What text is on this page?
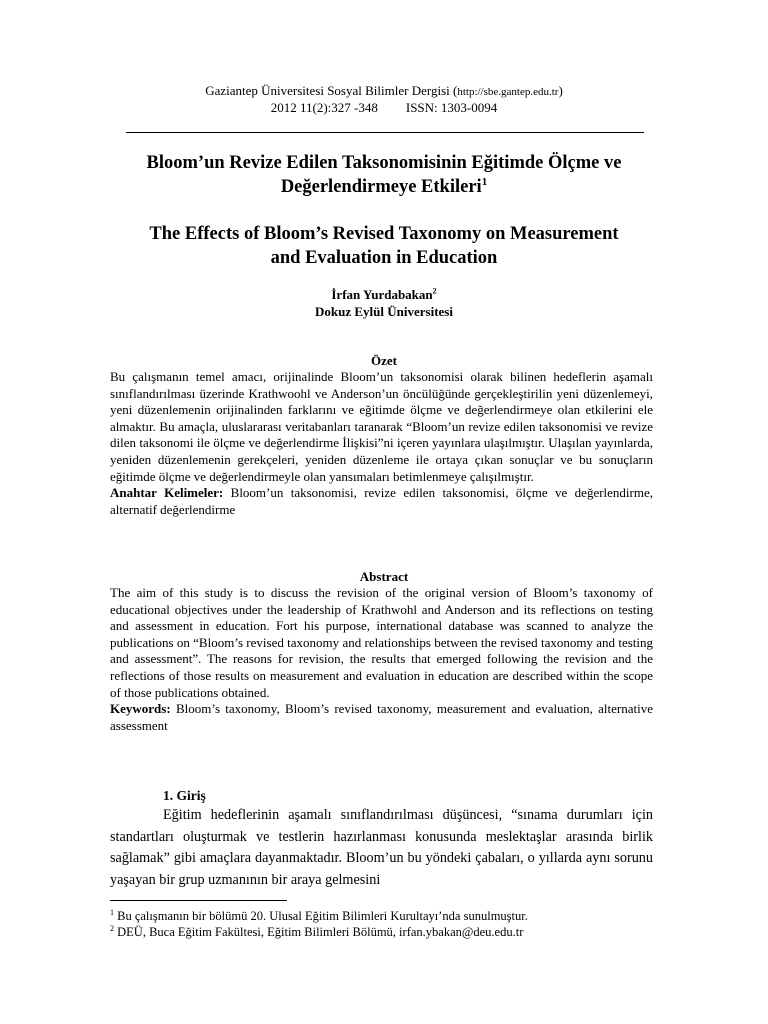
Gaziantep Üniversitesi Sosyal Bilimler Dergisi (http://sbe.gantep.edu.tr)
2012 11(2):327 -348 ISSN: 1303-0094
Bloom’un Revize Edilen Taksonomisinin Eğitimde Ölçme ve
Değerlendirmeye Etkileri$^1$
The Effects of Bloom’s Revised Taxonomy on Measurement
and Evaluation in Education
İrfan Yurdabakan$^2$
Dokuz Eylül Üniversitesi
Özet
Bu çalışmanın temel amacı, orijinalinde Bloom’un taksonomisi olarak bilinen hedeflerin aşamalı sınıflandırılması üzerinde Krathwoohl ve Anderson’un öncülüğünde gerçekleştirilin yeni düzenlemeyi, yeni düzenlemenin orijinalinden farklarını ve eğitimde ölçme ve değerlendirmeye olan etkilerini ele almaktır. Bu amaçla, uluslararası veritabanları taranarak “Bloom’un revize edilen taksonomisi ve revize dilen taksonomi ile ölçme ve değerlendirme İlişkisi”ni içeren yayınlara ulaşılmıştır. Ulaşılan yayınlarda, yeniden düzenlemenin gerekçeleri, yeniden düzenleme ile ortaya çıkan sonuçlar ve bu sonuçların eğitimde ölçme ve değerlendirmeyle olan yansımaları betimlenmeye çalışılmıştır.
Anahtar Kelimeler: Bloom’un taksonomisi, revize edilen taksonomisi, ölçme ve değerlendirme, alternatif değerlendirme
Abstract
The aim of this study is to discuss the revision of the original version of Bloom’s taxonomy of educational objectives under the leadership of Krathwohl and Anderson and its reflections on testing and assessment in education. Fort his purpose, international database was scanned to analyze the publications on “Bloom’s revised taxonomy and relationships between the revised taxonomy and testing and assessment”. The reasons for revision, the results that emerged following the revision and the reflections of those results on measurement and evaluation in education are described within the scope of those publications obtained.
Keywords: Bloom’s taxonomy, Bloom’s revised taxonomy, measurement and evaluation, alternative assessment
1. Giriş
Eğitim hedeflerinin aşamalı sınıflandırılması düşüncesi, “sınama durumları için standartları oluşturmak ve testlerin hazırlanması konusunda meslektaşlar arasında birlik sağlamak” gibi amaçlara dayanmaktadır. Bloom’un bu yöndeki çabaları, o yıllarda aynı sorunu yaşayan bir grup uzmanının bir araya gelmesini
$^1$ Bu çalışmanın bir bölümü 20. Ulusal Eğitim Bilimleri Kurultayı’nda sunulmuştur.
$^2$ DEÜ, Buca Eğitim Fakültesi, Eğitim Bilimleri Bölümü, irfan.ybakan@deu.edu.tr
